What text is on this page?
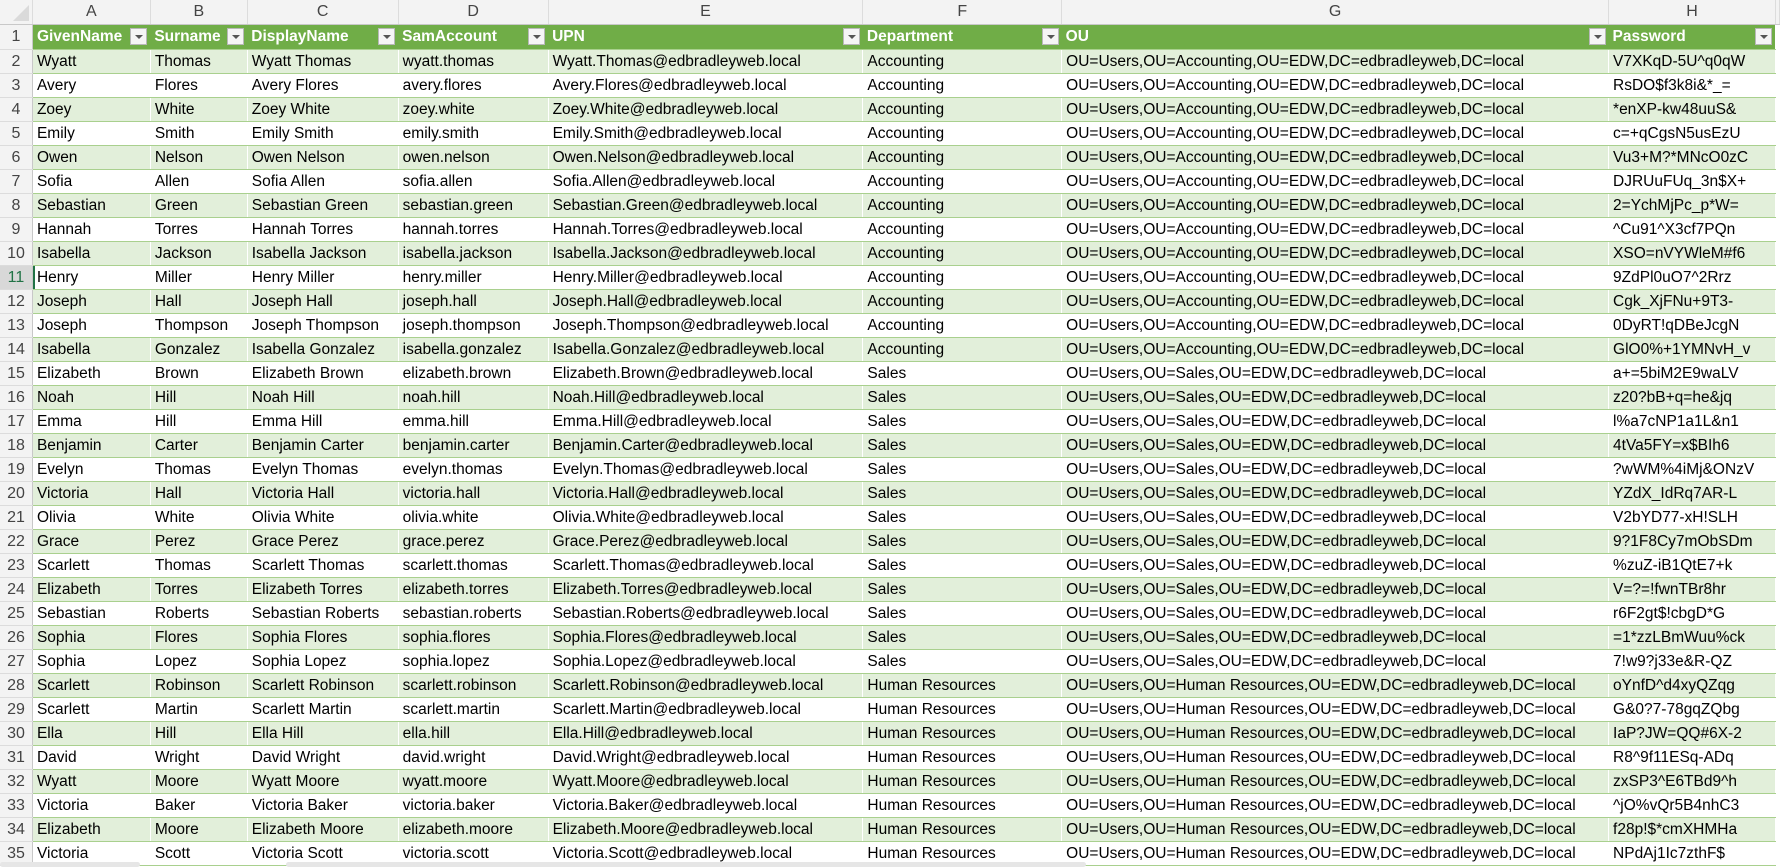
	A	B	C	D	E	F	G	H	
1	GivenName	Surname	DisplayName	SamAccount	UPN	Department	OU	Password

2	Wyatt	Thomas	Wyatt Thomas	wyatt.thomas	Wyatt.Thomas@edbradleyweb.local	Accounting	OU=Users,OU=Accounting,OU=EDW,DC=edbradleyweb,DC=local	V7XKqD-5U^q0qW	
3	Avery	Flores	Avery Flores	avery.flores	Avery.Flores@edbradleyweb.local	Accounting	OU=Users,OU=Accounting,OU=EDW,DC=edbradleyweb,DC=local	RsDO$f3k8i&*_=	
4	Zoey	White	Zoey White	zoey.white	Zoey.White@edbradleyweb.local	Accounting	OU=Users,OU=Accounting,OU=EDW,DC=edbradleyweb,DC=local	*enXP-kw48uuS&	
5	Emily	Smith	Emily Smith	emily.smith	Emily.Smith@edbradleyweb.local	Accounting	OU=Users,OU=Accounting,OU=EDW,DC=edbradleyweb,DC=local	c=+qCgsN5usEzU	
6	Owen	Nelson	Owen Nelson	owen.nelson	Owen.Nelson@edbradleyweb.local	Accounting	OU=Users,OU=Accounting,OU=EDW,DC=edbradleyweb,DC=local	Vu3+M?*MNcO0zC	
7	Sofia	Allen	Sofia Allen	sofia.allen	Sofia.Allen@edbradleyweb.local	Accounting	OU=Users,OU=Accounting,OU=EDW,DC=edbradleyweb,DC=local	DJRUuFUq_3n$X+	
8	Sebastian	Green	Sebastian Green	sebastian.green	Sebastian.Green@edbradleyweb.local	Accounting	OU=Users,OU=Accounting,OU=EDW,DC=edbradleyweb,DC=local	2=YchMjPc_p*W=	
9	Hannah	Torres	Hannah Torres	hannah.torres	Hannah.Torres@edbradleyweb.local	Accounting	OU=Users,OU=Accounting,OU=EDW,DC=edbradleyweb,DC=local	^Cu91^X3cf7PQn	
10	Isabella	Jackson	Isabella Jackson	isabella.jackson	Isabella.Jackson@edbradleyweb.local	Accounting	OU=Users,OU=Accounting,OU=EDW,DC=edbradleyweb,DC=local	XSO=nVYWleM#f6	
11	Henry	Miller	Henry Miller	henry.miller	Henry.Miller@edbradleyweb.local	Accounting	OU=Users,OU=Accounting,OU=EDW,DC=edbradleyweb,DC=local	9ZdPl0uO7^2Rrz	
12	Joseph	Hall	Joseph Hall	joseph.hall	Joseph.Hall@edbradleyweb.local	Accounting	OU=Users,OU=Accounting,OU=EDW,DC=edbradleyweb,DC=local	Cgk_XjFNu+9T3-	
13	Joseph	Thompson	Joseph Thompson	joseph.thompson	Joseph.Thompson@edbradleyweb.local	Accounting	OU=Users,OU=Accounting,OU=EDW,DC=edbradleyweb,DC=local	0DyRT!qDBeJcgN	
14	Isabella	Gonzalez	Isabella Gonzalez	isabella.gonzalez	Isabella.Gonzalez@edbradleyweb.local	Accounting	OU=Users,OU=Accounting,OU=EDW,DC=edbradleyweb,DC=local	GlO0%+1YMNvH_v	
15	Elizabeth	Brown	Elizabeth Brown	elizabeth.brown	Elizabeth.Brown@edbradleyweb.local	Sales	OU=Users,OU=Sales,OU=EDW,DC=edbradleyweb,DC=local	a+=5biM2E9waLV	
16	Noah	Hill	Noah Hill	noah.hill	Noah.Hill@edbradleyweb.local	Sales	OU=Users,OU=Sales,OU=EDW,DC=edbradleyweb,DC=local	z20?bB+q=he&jq	
17	Emma	Hill	Emma Hill	emma.hill	Emma.Hill@edbradleyweb.local	Sales	OU=Users,OU=Sales,OU=EDW,DC=edbradleyweb,DC=local	l%a7cNP1a1L&n1	
18	Benjamin	Carter	Benjamin Carter	benjamin.carter	Benjamin.Carter@edbradleyweb.local	Sales	OU=Users,OU=Sales,OU=EDW,DC=edbradleyweb,DC=local	4tVa5FY=x$BIh6	
19	Evelyn	Thomas	Evelyn Thomas	evelyn.thomas	Evelyn.Thomas@edbradleyweb.local	Sales	OU=Users,OU=Sales,OU=EDW,DC=edbradleyweb,DC=local	?wWM%4iMj&ONzV	
20	Victoria	Hall	Victoria Hall	victoria.hall	Victoria.Hall@edbradleyweb.local	Sales	OU=Users,OU=Sales,OU=EDW,DC=edbradleyweb,DC=local	YZdX_IdRq7AR-L	
21	Olivia	White	Olivia White	olivia.white	Olivia.White@edbradleyweb.local	Sales	OU=Users,OU=Sales,OU=EDW,DC=edbradleyweb,DC=local	V2bYD77-xH!SLH	
22	Grace	Perez	Grace Perez	grace.perez	Grace.Perez@edbradleyweb.local	Sales	OU=Users,OU=Sales,OU=EDW,DC=edbradleyweb,DC=local	9?1F8Cy7mObSDm	
23	Scarlett	Thomas	Scarlett Thomas	scarlett.thomas	Scarlett.Thomas@edbradleyweb.local	Sales	OU=Users,OU=Sales,OU=EDW,DC=edbradleyweb,DC=local	%zuZ-iB1QtE7+k	
24	Elizabeth	Torres	Elizabeth Torres	elizabeth.torres	Elizabeth.Torres@edbradleyweb.local	Sales	OU=Users,OU=Sales,OU=EDW,DC=edbradleyweb,DC=local	V=?=!fwnTBr8hr	
25	Sebastian	Roberts	Sebastian Roberts	sebastian.roberts	Sebastian.Roberts@edbradleyweb.local	Sales	OU=Users,OU=Sales,OU=EDW,DC=edbradleyweb,DC=local	r6F2gt$!cbgD*G	
26	Sophia	Flores	Sophia Flores	sophia.flores	Sophia.Flores@edbradleyweb.local	Sales	OU=Users,OU=Sales,OU=EDW,DC=edbradleyweb,DC=local	=1*zzLBmWuu%ck	
27	Sophia	Lopez	Sophia Lopez	sophia.lopez	Sophia.Lopez@edbradleyweb.local	Sales	OU=Users,OU=Sales,OU=EDW,DC=edbradleyweb,DC=local	7!w9?j33e&R-QZ	
28	Scarlett	Robinson	Scarlett Robinson	scarlett.robinson	Scarlett.Robinson@edbradleyweb.local	Human Resources	OU=Users,OU=Human Resources,OU=EDW,DC=edbradleyweb,DC=local	oYnfD^d4xyQZqg	
29	Scarlett	Martin	Scarlett Martin	scarlett.martin	Scarlett.Martin@edbradleyweb.local	Human Resources	OU=Users,OU=Human Resources,OU=EDW,DC=edbradleyweb,DC=local	G&0?7-78gqZQbg	
30	Ella	Hill	Ella Hill	ella.hill	Ella.Hill@edbradleyweb.local	Human Resources	OU=Users,OU=Human Resources,OU=EDW,DC=edbradleyweb,DC=local	IaP?JW=QQ#6X-2	
31	David	Wright	David Wright	david.wright	David.Wright@edbradleyweb.local	Human Resources	OU=Users,OU=Human Resources,OU=EDW,DC=edbradleyweb,DC=local	R8^9f11ESq-ADq	
32	Wyatt	Moore	Wyatt Moore	wyatt.moore	Wyatt.Moore@edbradleyweb.local	Human Resources	OU=Users,OU=Human Resources,OU=EDW,DC=edbradleyweb,DC=local	zxSP3^E6TBd9^h	
33	Victoria	Baker	Victoria Baker	victoria.baker	Victoria.Baker@edbradleyweb.local	Human Resources	OU=Users,OU=Human Resources,OU=EDW,DC=edbradleyweb,DC=local	^jO%vQr5B4nhC3	
34	Elizabeth	Moore	Elizabeth Moore	elizabeth.moore	Elizabeth.Moore@edbradleyweb.local	Human Resources	OU=Users,OU=Human Resources,OU=EDW,DC=edbradleyweb,DC=local	f28p!$*cmXHMHa	
35	Victoria	Scott	Victoria Scott	victoria.scott	Victoria.Scott@edbradleyweb.local	Human Resources	OU=Users,OU=Human Resources,OU=EDW,DC=edbradleyweb,DC=local	NPdAj1Ic7zthF$	
